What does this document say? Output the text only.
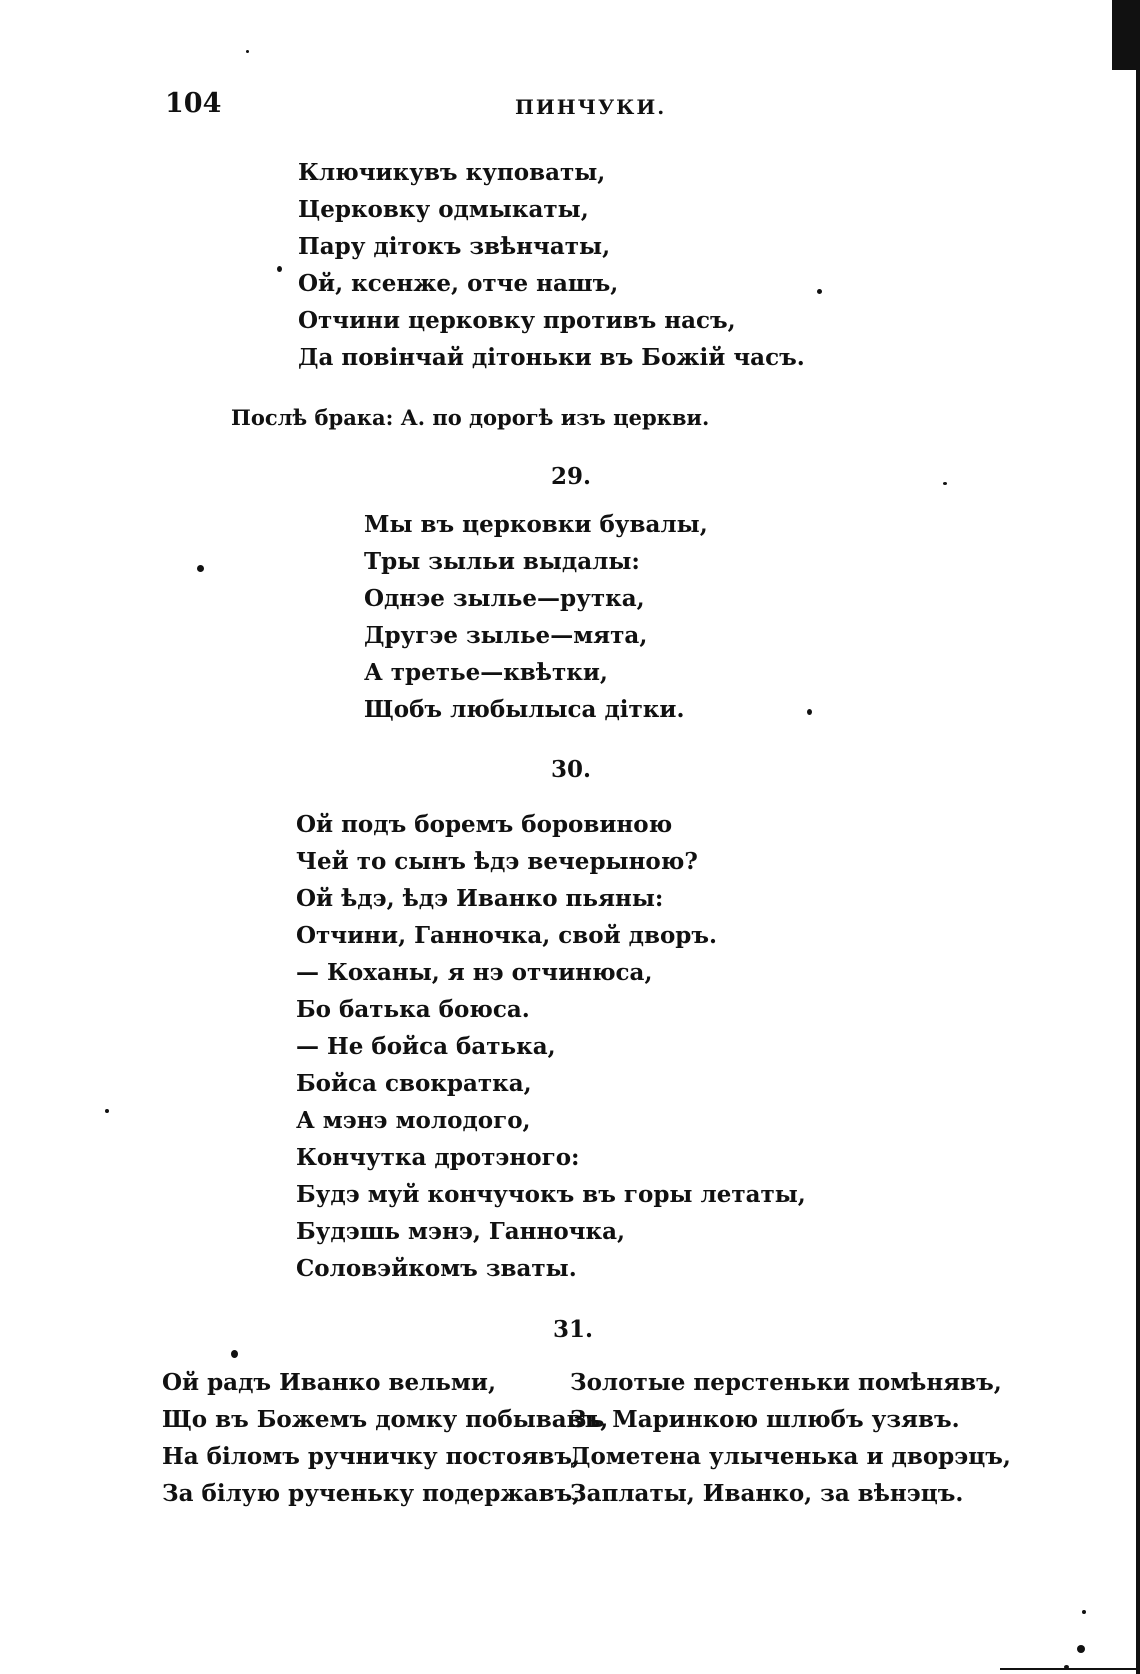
104	ПИНЧУКИ.
Ключикувъ куповаты,
Церковку одмыкаты,
Пару дітокъ звѣнчаты,
Ой, ксенже, отче нашъ,
Отчини церковку противъ насъ,
Да повінчай дітоньки въ Божій часъ.
Послѣ брака: А. по дорогѣ изъ церкви.
29.
Мы въ церковки бувалы,
Тры зыльи выдалы:
Однэе зылье—рутка,
Другэе зылье—мята,
А третье—квѣтки,
Щобъ любылыса дітки.
30.
Ой подъ боремъ боровиною
Чей то сынъ ѣдэ вечерыною?
Ой ѣдэ, ѣдэ Иванко пьяны:
Отчини, Ганночка, свой дворъ.
— Коханы, я нэ отчинюса,
Бо батька боюса.
— Не бойса батька,
Бойса свократка,
А мэнэ молодого,
Кончутка дротэного:
Будэ муй кончучокъ въ горы летаты,
Будэшь мэнэ, Ганночка,
Соловэйкомъ зваты.
31.
Ой радъ Иванко вельми,
Що въ Божемъ домку побывавъ,
На біломъ ручничку постоявъ,
За білую рученьку подержавъ,
Золотые перстеньки помѣнявъ,
Зъ Маринкою шлюбъ узявъ.
Дометена улыченька и дворэцъ,
Заплаты, Иванко, за вѣнэцъ.
